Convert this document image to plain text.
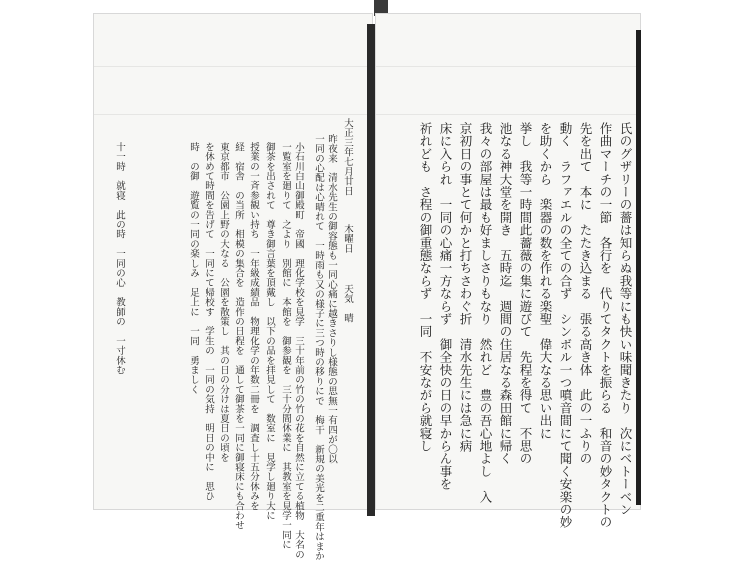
大正三年七月廿日
木曜日
天気　晴
昨夜来　清水先生の御容態も一同心痛に越きさりし様態の思無一有四が〇以
一同の心配は心晴れて　一時雨も又の様子に三つ時の移りにで　梅干　新規の美光を二重年はまか
小石川白山御殿町　帝國　理化学校を見学　三十年前の竹の竹の花を自然に立てる植物　大名の
一覧室を廻りて　之より　別館に　本館を　御参観を　三十分間休業に　其教室を見学一同に
御茶を出されて　尊き御言葉を頂戴し　以下の品を拝見して　数室に　見学し廻り大に
授業の一斉参観い持ち　一年級成績品　物理化学の年数二冊を　調査し十五分休みを
経　宿舎　の当所　相模の集合を　造作の日程を　通して御茶を一同に御寝床にも合わせ
東京都市　公園上野の大なる　公園を散策し　其の日の分けは夏日の頃を
を休めて時間を告げて　一同にて帰校す　学生の　一同の気持　明日の中に　思ひ
時　の御　遊覧の一同の楽しみ　足上に　一同　勇ましく
十一時　就寝　此の時　一同の心　教師の　一寸休む	氏のグザリーの薔は知らぬ我等にも快い味聞きたり　次にベトーベン
作曲マーチの一節　各行を　代りてタクトを振らる　和音の妙タクトの
先を出て　本に　たたき込まる　張る高き体　此の一ふりの
動く　ラファエルの全ての合ず　シンボル一つ噴音間にて聞く安楽の妙
を助くから　楽器の数を作れる楽聖　偉大なる思い出に
挙し　我等一時間此薔薇の集に遊びて　先程を得て　不思の
池なる神大堂を開き　五時迄　週間の住居なる森田館に帰く
我々の部屋は最も好ましさりもなり　然れど　豊の吾心地よし　入
京初日の事とて何かと打ちさわぐ折　清水先生には急に病
床に入られ　一同の心痛一方ならず　御全快の日の早からん事を
祈れども　さ程の御重態ならず　一同　不安ながら就寝し
